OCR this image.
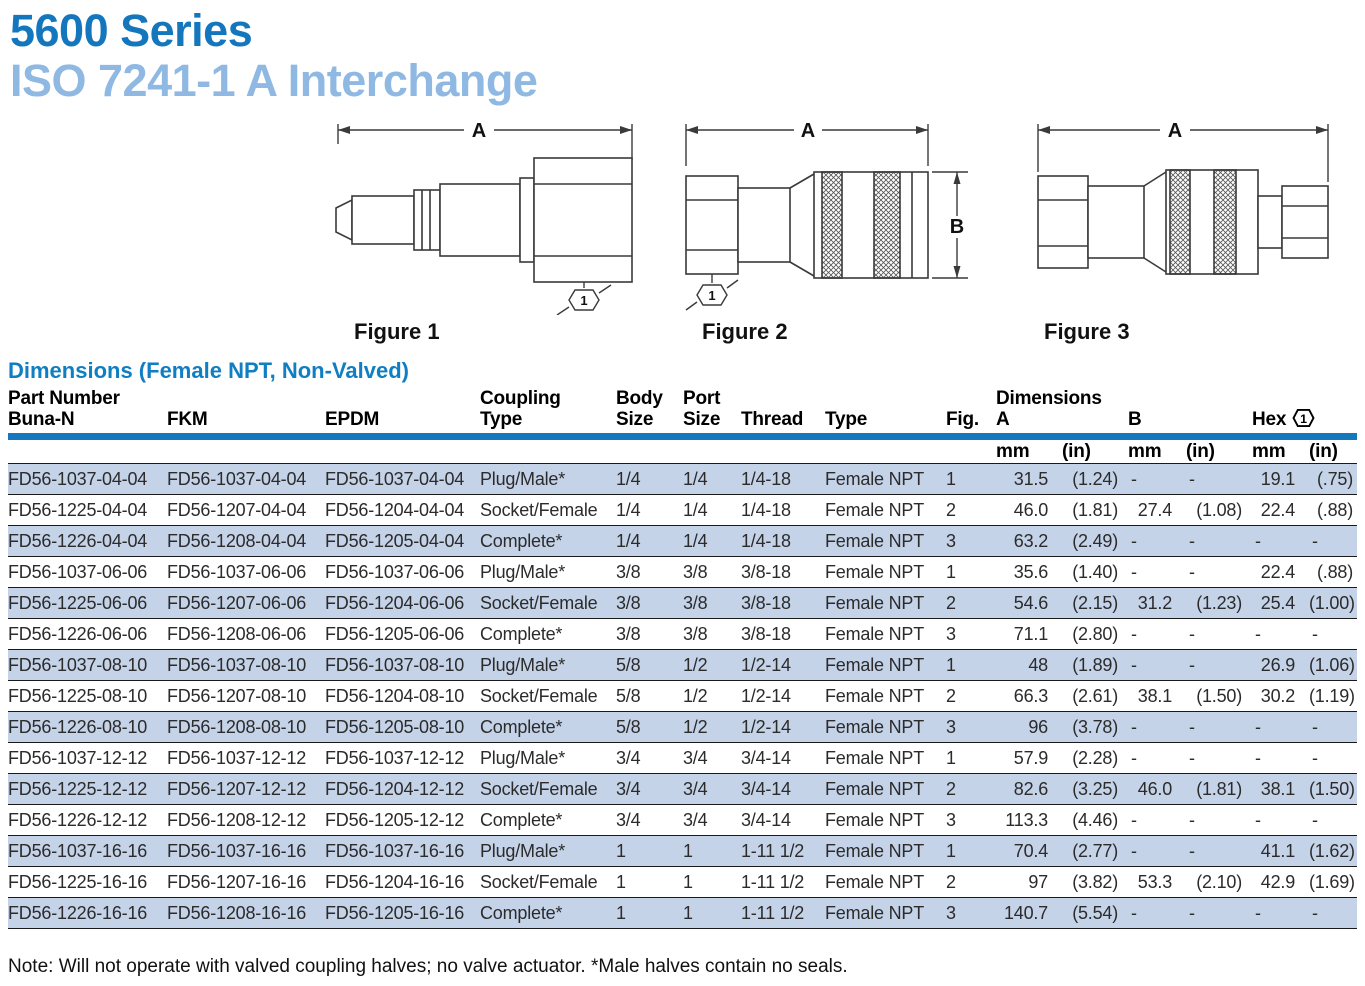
5600 Series
ISO 7241-1 A Interchange
A
1
Figure 1
A
B
1
Figure 2
A
Figure 3
Dimensions (Female NPT, Non-Valved)
Part Number
Buna-N	FKM	EPDM	
Coupling
Type

Body
Size

Port
Size	Thread	Type	Fig.	
Dimensions
A	B	Hex 1

									mm	(in)	mm	(in)	mm	(in)
FD56-1037-04-04	FD56-1037-04-04	FD56-1037-04-04	Plug/Male*	1/4	1/4	1/4-18	Female NPT	1	31.5	(1.24)	-	-	19.1	(.75)
FD56-1225-04-04	FD56-1207-04-04	FD56-1204-04-04	Socket/Female	1/4	1/4	1/4-18	Female NPT	2	46.0	(1.81)	27.4	(1.08)	22.4	(.88)
FD56-1226-04-04	FD56-1208-04-04	FD56-1205-04-04	Complete*	1/4	1/4	1/4-18	Female NPT	3	63.2	(2.49)	-	-	-	-
FD56-1037-06-06	FD56-1037-06-06	FD56-1037-06-06	Plug/Male*	3/8	3/8	3/8-18	Female NPT	1	35.6	(1.40)	-	-	22.4	(.88)
FD56-1225-06-06	FD56-1207-06-06	FD56-1204-06-06	Socket/Female	3/8	3/8	3/8-18	Female NPT	2	54.6	(2.15)	31.2	(1.23)	25.4	(1.00)
FD56-1226-06-06	FD56-1208-06-06	FD56-1205-06-06	Complete*	3/8	3/8	3/8-18	Female NPT	3	71.1	(2.80)	-	-	-	-
FD56-1037-08-10	FD56-1037-08-10	FD56-1037-08-10	Plug/Male*	5/8	1/2	1/2-14	Female NPT	1	48	(1.89)	-	-	26.9	(1.06)
FD56-1225-08-10	FD56-1207-08-10	FD56-1204-08-10	Socket/Female	5/8	1/2	1/2-14	Female NPT	2	66.3	(2.61)	38.1	(1.50)	30.2	(1.19)
FD56-1226-08-10	FD56-1208-08-10	FD56-1205-08-10	Complete*	5/8	1/2	1/2-14	Female NPT	3	96	(3.78)	-	-	-	-
FD56-1037-12-12	FD56-1037-12-12	FD56-1037-12-12	Plug/Male*	3/4	3/4	3/4-14	Female NPT	1	57.9	(2.28)	-	-	-	-
FD56-1225-12-12	FD56-1207-12-12	FD56-1204-12-12	Socket/Female	3/4	3/4	3/4-14	Female NPT	2	82.6	(3.25)	46.0	(1.81)	38.1	(1.50)
FD56-1226-12-12	FD56-1208-12-12	FD56-1205-12-12	Complete*	3/4	3/4	3/4-14	Female NPT	3	113.3	(4.46)	-	-	-	-
FD56-1037-16-16	FD56-1037-16-16	FD56-1037-16-16	Plug/Male*	1	1	1-11 1/2	Female NPT	1	70.4	(2.77)	-	-	41.1	(1.62)
FD56-1225-16-16	FD56-1207-16-16	FD56-1204-16-16	Socket/Female	1	1	1-11 1/2	Female NPT	2	97	(3.82)	53.3	(2.10)	42.9	(1.69)
FD56-1226-16-16	FD56-1208-16-16	FD56-1205-16-16	Complete*	1	1	1-11 1/2	Female NPT	3	140.7	(5.54)	-	-	-	-
Note: Will not operate with valved coupling halves; no valve actuator. *Male halves contain no seals.
